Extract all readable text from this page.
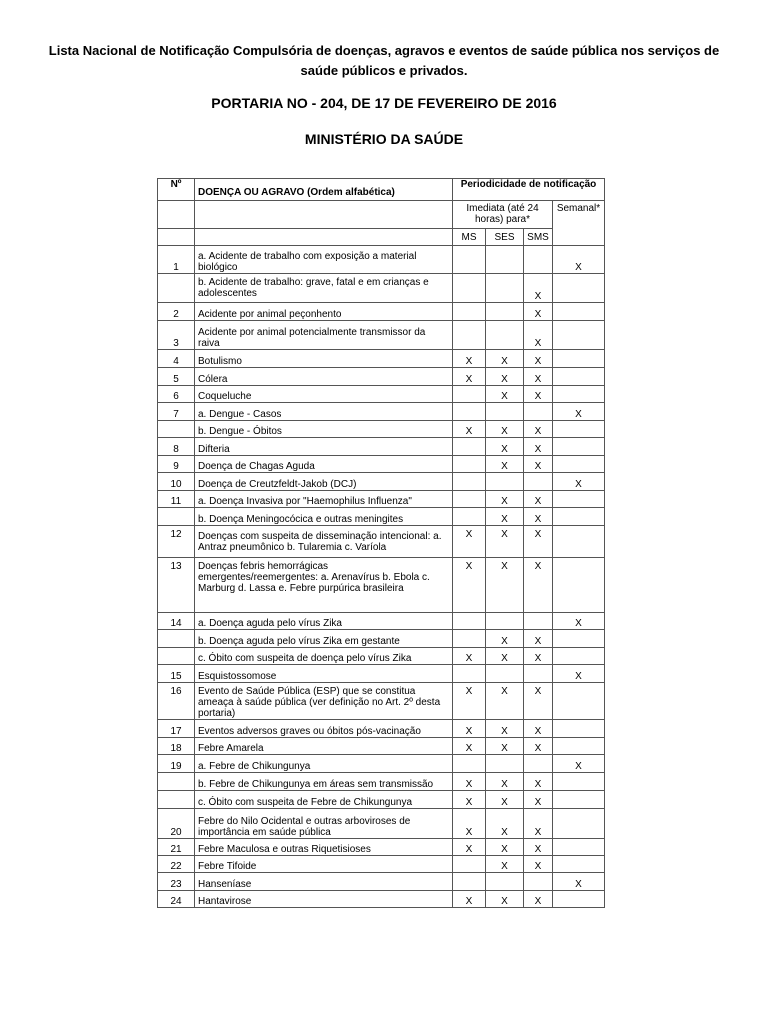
Lista Nacional de Notificação Compulsória de doenças, agravos e eventos de saúde pública nos serviços de saúde públicos e privados.
PORTARIA NO - 204, DE 17 DE FEVEREIRO DE 2016
MINISTÉRIO DA SAÚDE
Nº	DOENÇA OU AGRAVO (Ordem alfabética)	Periodicidade de notificação			
		Imediata (até 24 horas) para*			Semanal*
		MS	SES	SMS	
1	a. Acidente de trabalho com exposição a material biológico				X
	b. Acidente de trabalho: grave, fatal e em crianças e adolescentes			X	
2	Acidente por animal peçonhento			X	
3	Acidente por animal potencialmente transmissor da raiva			X	
4	Botulismo	X	X	X	
5	Cólera	X	X	X	
6	Coqueluche		X	X	
7	a. Dengue - Casos				X
	b. Dengue - Óbitos	X	X	X	
8	Difteria		X	X	
9	Doença de Chagas Aguda		X	X	
10	Doença de Creutzfeldt-Jakob (DCJ)				X
11	a. Doença Invasiva por "Haemophilus Influenza"		X	X	
	b. Doença Meningocócica e outras meningites		X	X	
12	Doenças com suspeita de disseminação intencional: a. Antraz pneumônico b. Tularemia c. Varíola	X	X	X	
13	Doenças febris hemorrágicas emergentes/reemergentes: a. Arenavírus b. Ebola c. Marburg d. Lassa e. Febre purpúrica brasileira	X	X	X	
14	a. Doença aguda pelo vírus Zika				X
	b. Doença aguda pelo vírus Zika em gestante		X	X	
	c. Óbito com suspeita de doença pelo vírus Zika	X	X	X	
15	Esquistossomose				X
16	Evento de Saúde Pública (ESP) que se constitua ameaça à saúde pública (ver definição no Art. 2º desta portaria)	X	X	X	
17	Eventos adversos graves ou óbitos pós-vacinação	X	X	X	
18	Febre Amarela	X	X	X	
19	a. Febre de Chikungunya				X
	b. Febre de Chikungunya em áreas sem transmissão	X	X	X	
	c. Óbito com suspeita de Febre de Chikungunya	X	X	X	
20	Febre do Nilo Ocidental e outras arboviroses de importância em saúde pública	X	X	X	
21	Febre Maculosa e outras Riquetisioses	X	X	X	
22	Febre Tifoide		X	X	
23	Hanseníase				X
24	Hantavirose	X	X	X	
